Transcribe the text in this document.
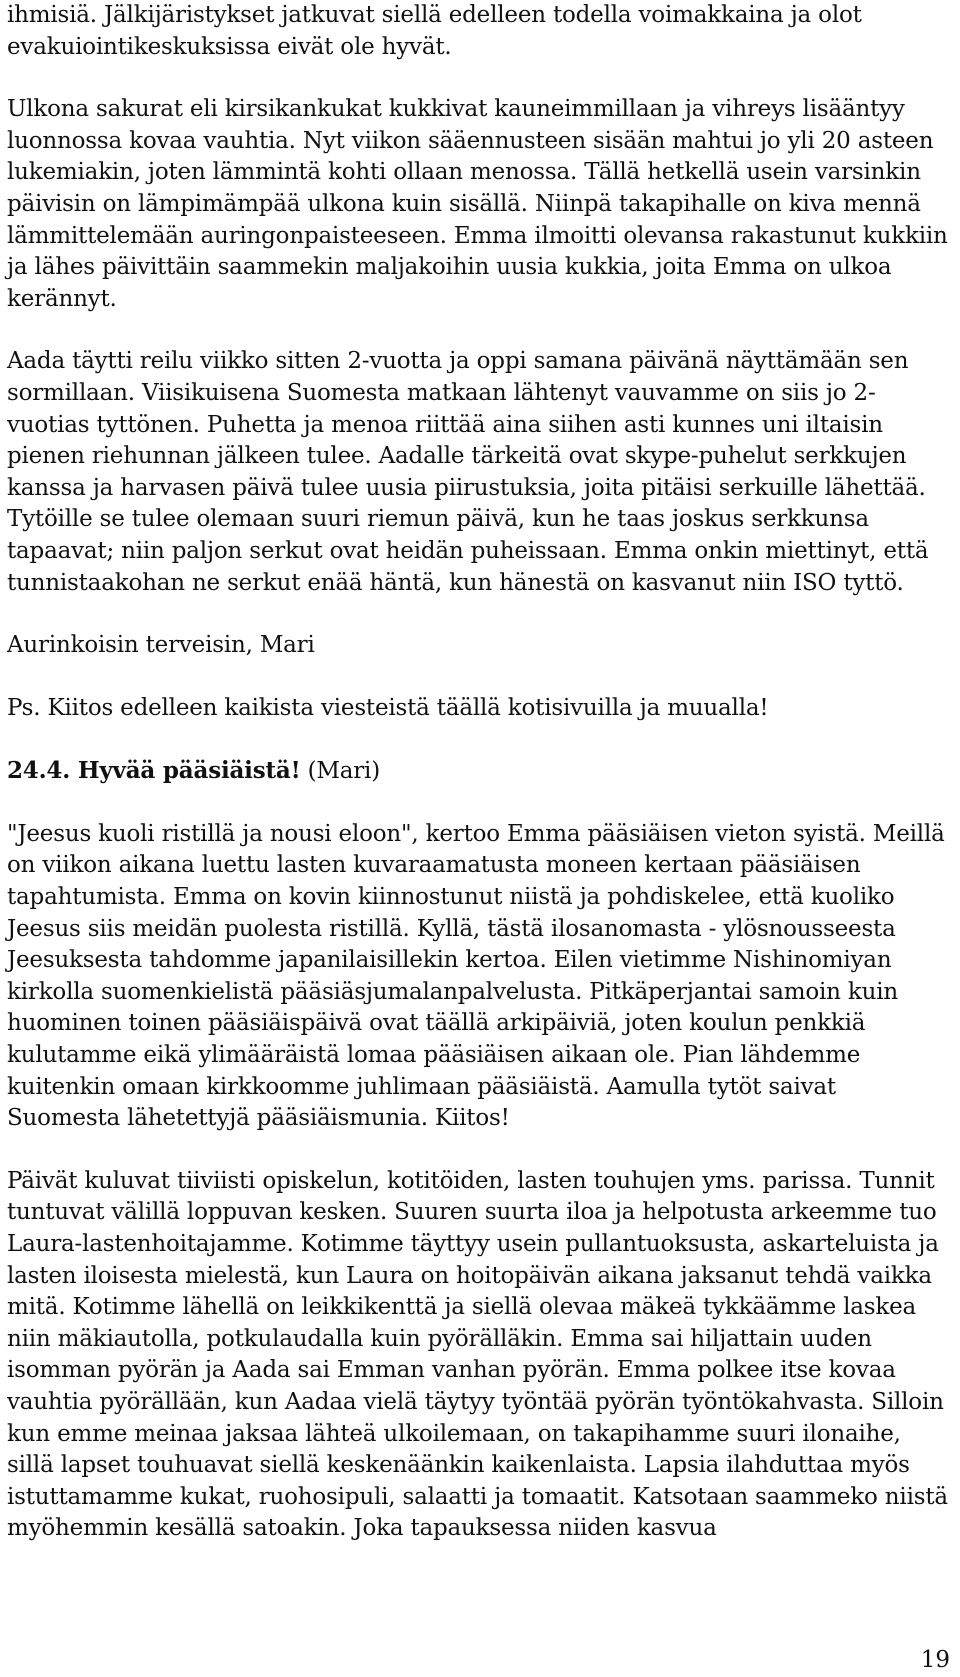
ihmisiä. Jälkijäristykset jatkuvat siellä edelleen todella voimakkaina ja olot evakuiointikeskuksissa eivät ole hyvät.

Ulkona sakurat eli kirsikankukat kukkivat kauneimmillaan ja vihreys lisääntyy luonnossa kovaa vauhtia. Nyt viikon sääennusteen sisään mahtui jo yli 20 asteen lukemiakin, joten lämmintä kohti ollaan menossa. Tällä hetkellä usein varsinkin päivisin on lämpimämpää ulkona kuin sisällä. Niinpä takapihalle on kiva mennä lämmittelemään auringonpaisteeseen. Emma ilmoitti olevansa rakastunut kukkiin ja lähes päivittäin saammekin maljakoihin uusia kukkia, joita Emma on ulkoa kerännyt.

Aada täytti reilu viikko sitten 2-vuotta ja oppi samana päivänä näyttämään sen sormillaan. Viisikuisena Suomesta matkaan lähtenyt vauvamme on siis jo 2-vuotias tyttönen. Puhetta ja menoa riittää aina siihen asti kunnes uni iltaisin pienen riehunnan jälkeen tulee. Aadalle tärkeitä ovat skype-puhelut serkkujen kanssa ja harvasen päivä tulee uusia piirustuksia, joita pitäisi serkuille lähettää. Tytöille se tulee olemaan suuri riemun päivä, kun he taas joskus serkkunsa tapaavat; niin paljon serkut ovat heidän puheissaan. Emma onkin miettinyt, että tunnistaakohan ne serkut enää häntä, kun hänestä on kasvanut niin ISO tyttö.

Aurinkoisin terveisin, Mari

Ps. Kiitos edelleen kaikista viesteistä täällä kotisivuilla ja muualla!

24.4. Hyvää pääsiäistä! (Mari)

"Jeesus kuoli ristillä ja nousi eloon", kertoo Emma pääsiäisen vieton syistä. Meillä on viikon aikana luettu lasten kuvaraamatusta moneen kertaan pääsiäisen tapahtumista. Emma on kovin kiinnostunut niistä ja pohdiskelee, että kuoliko Jeesus siis meidän puolesta ristillä. Kyllä, tästä ilosanomasta - ylösnousseesta Jeesuksesta tahdomme japanilaisillekin kertoa. Eilen vietimme Nishinomiyan kirkolla suomenkielistä pääsiäsjumalanpalvelusta. Pitkäperjantai samoin kuin huominen toinen pääsiäispäivä ovat täällä arkipäiviä, joten koulun penkkiä kulutamme eikä ylimääräistä lomaa pääsiäisen aikaan ole. Pian lähdemme kuitenkin omaan kirkkoomme juhlimaan pääsiäistä. Aamulla tytöt saivat Suomesta lähetettyjä pääsiäismunia. Kiitos!

Päivät kuluvat tiiviisti opiskelun, kotitöiden, lasten touhujen yms. parissa. Tunnit tuntuvat välillä loppuvan kesken. Suuren suurta iloa ja helpotusta arkeemme tuo Laura-lastenhoitajamme. Kotimme täyttyy usein pullantuoksusta, askarteluista ja lasten iloisesta mielestä, kun Laura on hoitopäivän aikana jaksanut tehdä vaikka mitä. Kotimme lähellä on leikkikenttä ja siellä olevaa mäkeä tykkäämme laskea niin mäkiautolla, potkulaudalla kuin pyörälläkin. Emma sai hiljattain uuden isomman pyörän ja Aada sai Emman vanhan pyörän. Emma polkee itse kovaa vauhtia pyörällään, kun Aadaa vielä täytyy työntää pyörän työntökahvasta. Silloin kun emme meinaa jaksaa lähteä ulkoilemaan, on takapihamme suuri ilonaihe, sillä lapset touhuavat siellä keskenäänkin kaikenlaista. Lapsia ilahduttaa myös istuttamamme kukat, ruohosipuli, salaatti ja tomaatit. Katsotaan saammeko niistä myöhemmin kesällä satoakin. Joka tapauksessa niiden kasvua

19
